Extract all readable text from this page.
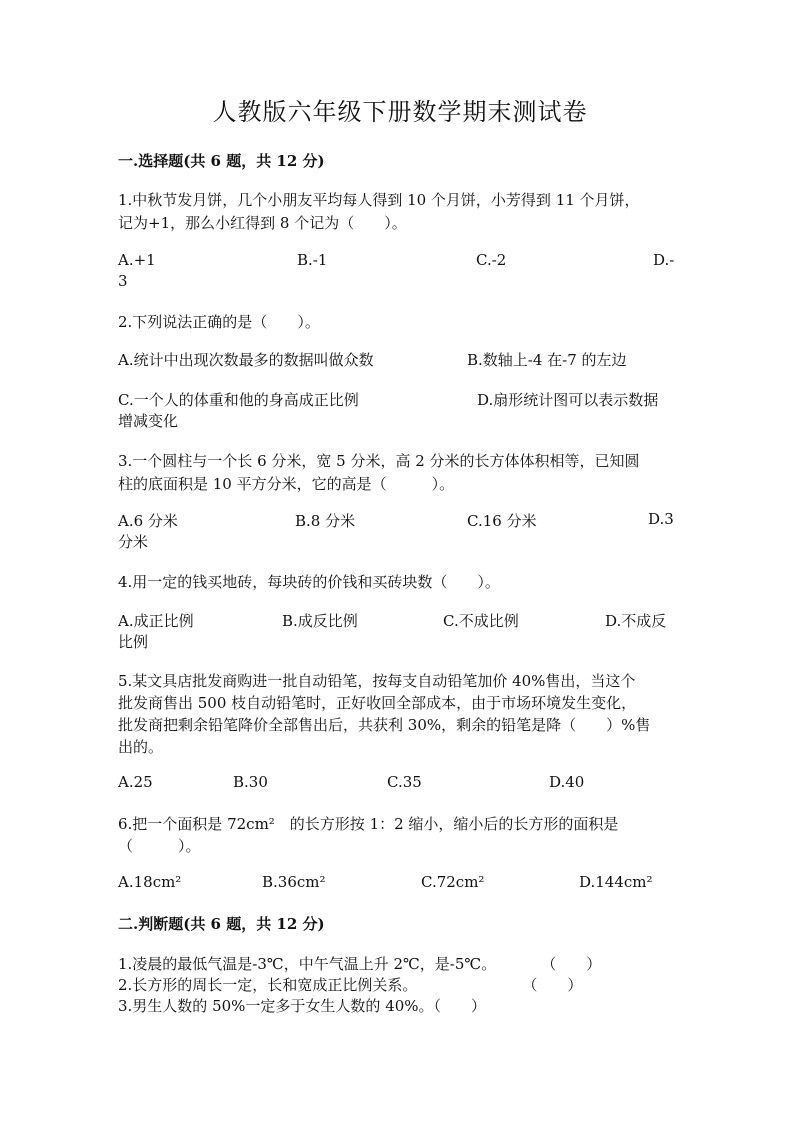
人教版六年级下册数学期末测试卷
一.选择题(共 6 题，共 12 分)
1.中秋节发月饼，几个小朋友平均每人得到 10 个月饼，小芳得到 11 个月饼，
记为+1，那么小红得到 8 个记为（　　）。
A.+1	B.-1	C.-2	D.-
3
2.下列说法正确的是（　　）。
A.统计中出现次数最多的数据叫做众数	B.数轴上-4 在-7 的左边
C.一个人的体重和他的身高成正比例	D.扇形统计图可以表示数据
增减变化
3.一个圆柱与一个长 6 分米，宽 5 分米，高 2 分米的长方体体积相等，已知圆
柱的底面积是 10 平方分米，它的高是（　　　）。
A.6 分米	B.8 分米	C.16 分米	D.3
分米
4.用一定的钱买地砖，每块砖的价钱和买砖块数（　　）。
A.成正比例	B.成反比例	C.不成比例	D.不成反
比例
5.某文具店批发商购进一批自动铅笔，按每支自动铅笔加价 40%售出，当这个
批发商售出 500 枝自动铅笔时，正好收回全部成本，由于市场环境发生变化，
批发商把剩余铅笔降价全部售出后，共获利 30%，剩余的铅笔是降（　　）%售
出的。
A.25	B.30	C.35	D.40
6.把一个面积是 72cm²　的长方形按 1：2 缩小，缩小后的长方形的面积是
（　　　）。
A.18cm²	B.36cm²	C.72cm²	D.144cm²
二.判断题(共 6 题，共 12 分)
1.凌晨的最低气温是-3℃，中午气温上升 2℃，是-5℃。　　　　（　　）
2.长方形的周长一定，长和宽成正比例关系。　　　　　　　　（　　）
3.男生人数的 50%一定多于女生人数的 40%。（　　）
